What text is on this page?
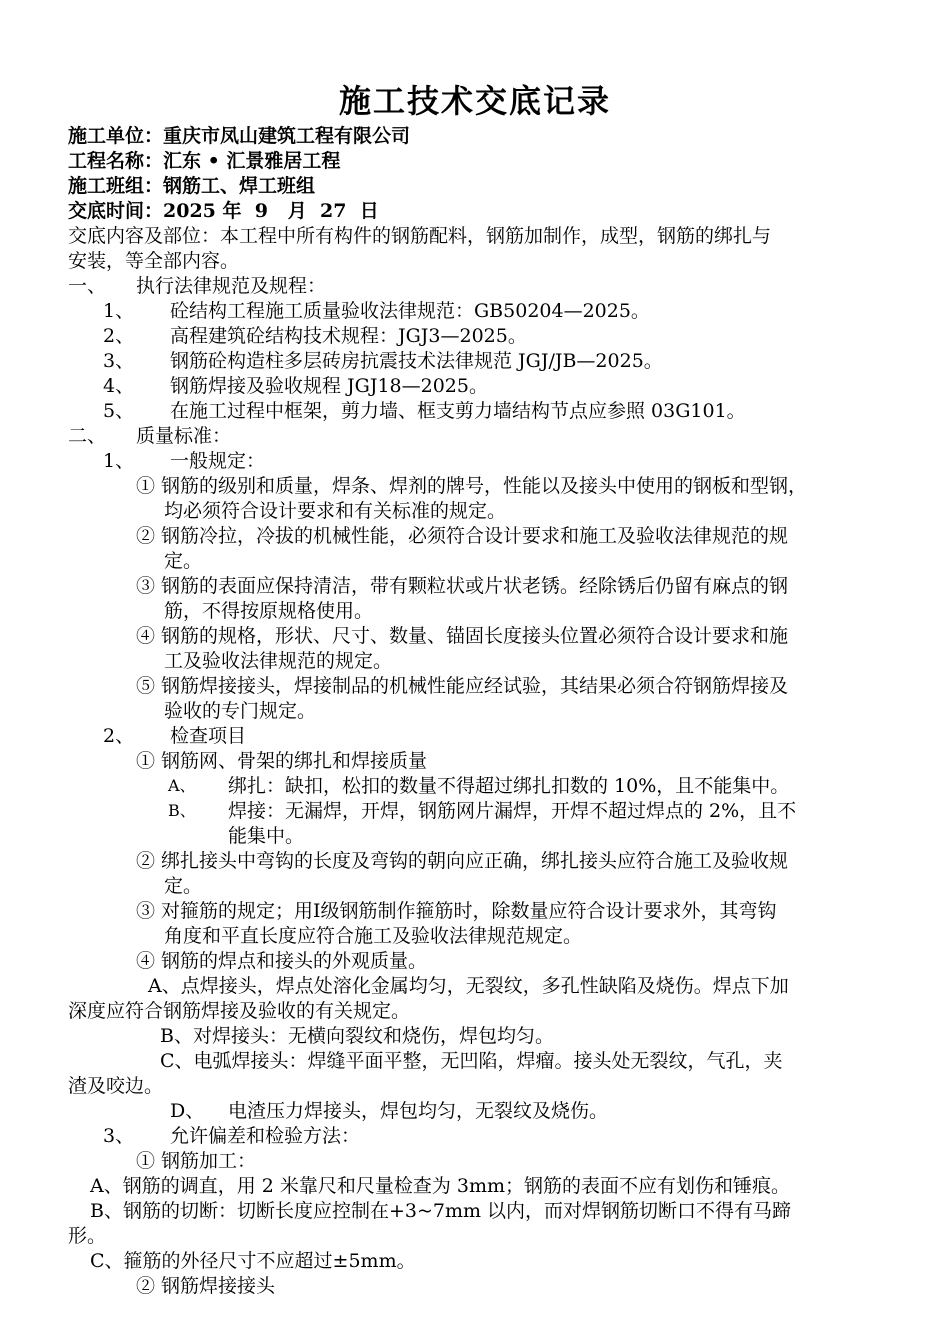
施工技术交底记录
施工单位：重庆市凤山建筑工程有限公司
工程名称：汇东 • 汇景雅居工程
施工班组：钢筋工、焊工班组
交底时间：2025 年  9   月  27  日
交底内容及部位：本工程中所有构件的钢筋配料，钢筋加制作，成型，钢筋的绑扎与
安装，等全部内容。
一、 执行法律规范及规程：
1、 砼结构工程施工质量验收法律规范：GB50204—2025。
2、 高程建筑砼结构技术规程：JGJ3—2025。
3、 钢筋砼构造柱多层砖房抗震技术法律规范 JGJ/JB—2025。
4、 钢筋焊接及验收规程 JGJ18—2025。
5、 在施工过程中框架，剪力墙、框支剪力墙结构节点应参照 03G101。
二、 质量标准：
1、 一般规定：
① 钢筋的级别和质量，焊条、焊剂的牌号，性能以及接头中使用的钢板和型钢，
均必须符合设计要求和有关标准的规定。
② 钢筋冷拉，冷拔的机械性能，必须符合设计要求和施工及验收法律规范的规
定。
③ 钢筋的表面应保持清洁，带有颗粒状或片状老锈。经除锈后仍留有麻点的钢
筋，不得按原规格使用。
④ 钢筋的规格，形状、尺寸、数量、锚固长度接头位置必须符合设计要求和施
工及验收法律规范的规定。
⑤ 钢筋焊接接头，焊接制品的机械性能应经试验，其结果必须合符钢筋焊接及
验收的专门规定。
2、 检查项目
① 钢筋网、骨架的绑扎和焊接质量
A、 绑扎：缺扣，松扣的数量不得超过绑扎扣数的 10%，且不能集中。
B、 焊接：无漏焊，开焊，钢筋网片漏焊，开焊不超过焊点的 2%，且不
能集中。
② 绑扎接头中弯钩的长度及弯钩的朝向应正确，绑扎接头应符合施工及验收规
定。
③ 对箍筋的规定；用Ⅰ级钢筋制作箍筋时，除数量应符合设计要求外，其弯钩
角度和平直长度应符合施工及验收法律规范规定。
④ 钢筋的焊点和接头的外观质量。
A、点焊接头，焊点处溶化金属均匀，无裂纹，多孔性缺陷及烧伤。焊点下加
深度应符合钢筋焊接及验收的有关规定。
B、对焊接头：无横向裂纹和烧伤，焊包均匀。
C、电弧焊接头：焊缝平面平整，无凹陷，焊瘤。接头处无裂纹，气孔，夹
渣及咬边。
D、 电渣压力焊接头，焊包均匀，无裂纹及烧伤。
3、 允许偏差和检验方法：
① 钢筋加工：
A、钢筋的调直，用 2 米靠尺和尺量检查为 3mm；钢筋的表面不应有划伤和锤痕。
B、钢筋的切断：切断长度应控制在+3~7mm 以内，而对焊钢筋切断口不得有马蹄
形。
C、箍筋的外径尺寸不应超过±5mm。
② 钢筋焊接接头
